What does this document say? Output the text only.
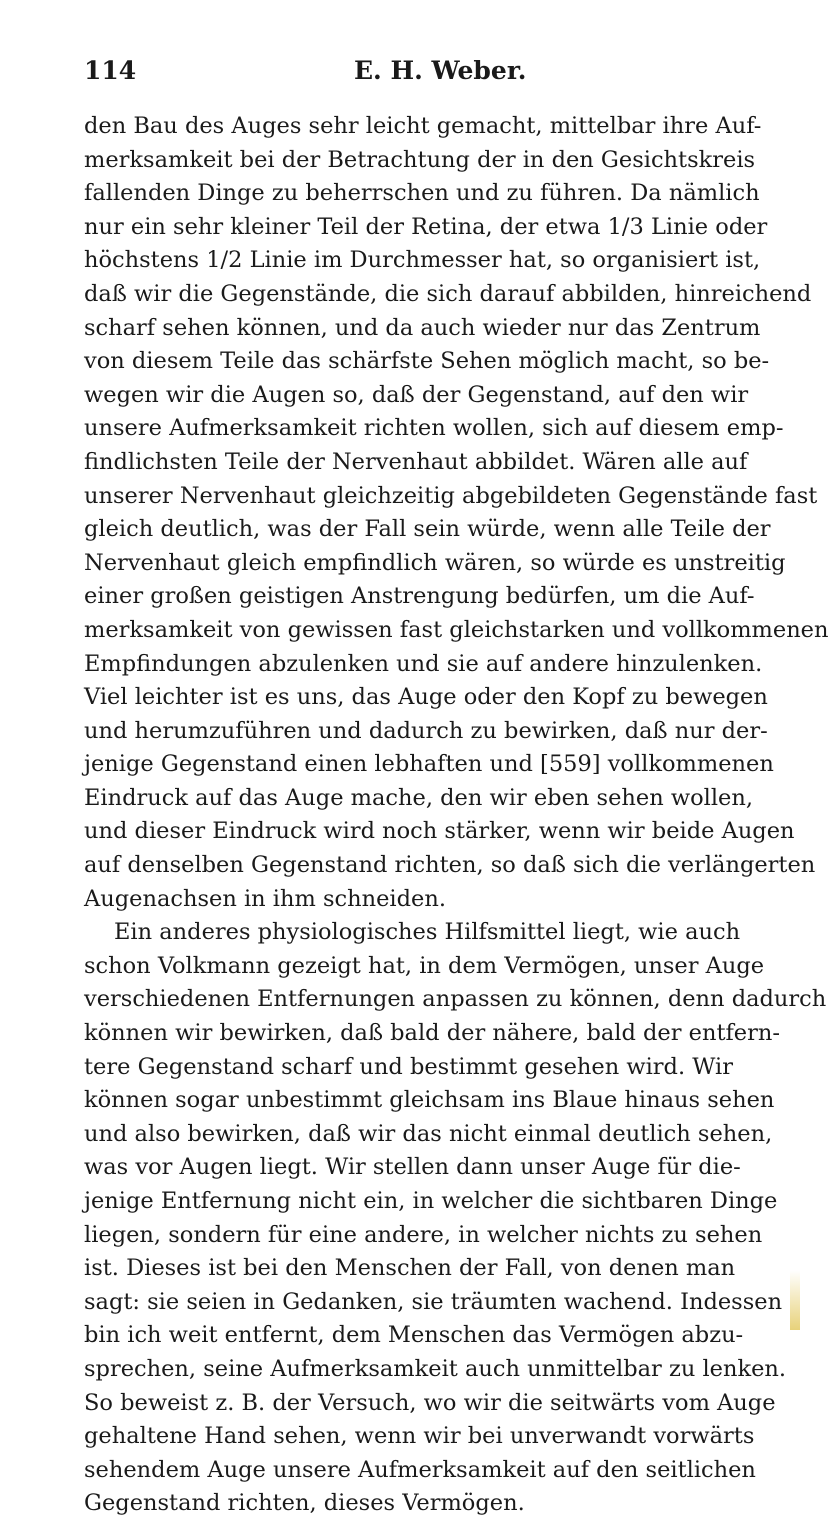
114	E. H. Weber.
den Bau des Auges sehr leicht gemacht, mittelbar ihre Auf-
merksamkeit bei der Betrachtung der in den Gesichtskreis
fallenden Dinge zu beherrschen und zu führen. Da nämlich
nur ein sehr kleiner Teil der Retina, der etwa 1/3 Linie oder
höchstens 1/2 Linie im Durchmesser hat, so organisiert ist,
daß wir die Gegenstände, die sich darauf abbilden, hinreichend
scharf sehen können, und da auch wieder nur das Zentrum
von diesem Teile das schärfste Sehen möglich macht, so be-
wegen wir die Augen so, daß der Gegenstand, auf den wir
unsere Aufmerksamkeit richten wollen, sich auf diesem emp-
findlichsten Teile der Nervenhaut abbildet. Wären alle auf
unserer Nervenhaut gleichzeitig abgebildeten Gegenstände fast
gleich deutlich, was der Fall sein würde, wenn alle Teile der
Nervenhaut gleich empfindlich wären, so würde es unstreitig
einer großen geistigen Anstrengung bedürfen, um die Auf-
merksamkeit von gewissen fast gleichstarken und vollkommenen
Empfindungen abzulenken und sie auf andere hinzulenken.
Viel leichter ist es uns, das Auge oder den Kopf zu bewegen
und herumzuführen und dadurch zu bewirken, daß nur der-
jenige Gegenstand einen lebhaften und [559] vollkommenen
Eindruck auf das Auge mache, den wir eben sehen wollen,
und dieser Eindruck wird noch stärker, wenn wir beide Augen
auf denselben Gegenstand richten, so daß sich die verlängerten
Augenachsen in ihm schneiden.
Ein anderes physiologisches Hilfsmittel liegt, wie auch
schon Volkmann gezeigt hat, in dem Vermögen, unser Auge
verschiedenen Entfernungen anpassen zu können, denn dadurch
können wir bewirken, daß bald der nähere, bald der entfern-
tere Gegenstand scharf und bestimmt gesehen wird. Wir
können sogar unbestimmt gleichsam ins Blaue hinaus sehen
und also bewirken, daß wir das nicht einmal deutlich sehen,
was vor Augen liegt. Wir stellen dann unser Auge für die-
jenige Entfernung nicht ein, in welcher die sichtbaren Dinge
liegen, sondern für eine andere, in welcher nichts zu sehen
ist. Dieses ist bei den Menschen der Fall, von denen man
sagt: sie seien in Gedanken, sie träumten wachend. Indessen
bin ich weit entfernt, dem Menschen das Vermögen abzu-
sprechen, seine Aufmerksamkeit auch unmittelbar zu lenken.
So beweist z. B. der Versuch, wo wir die seitwärts vom Auge
gehaltene Hand sehen, wenn wir bei unverwandt vorwärts
sehendem Auge unsere Aufmerksamkeit auf den seitlichen
Gegenstand richten, dieses Vermögen.
